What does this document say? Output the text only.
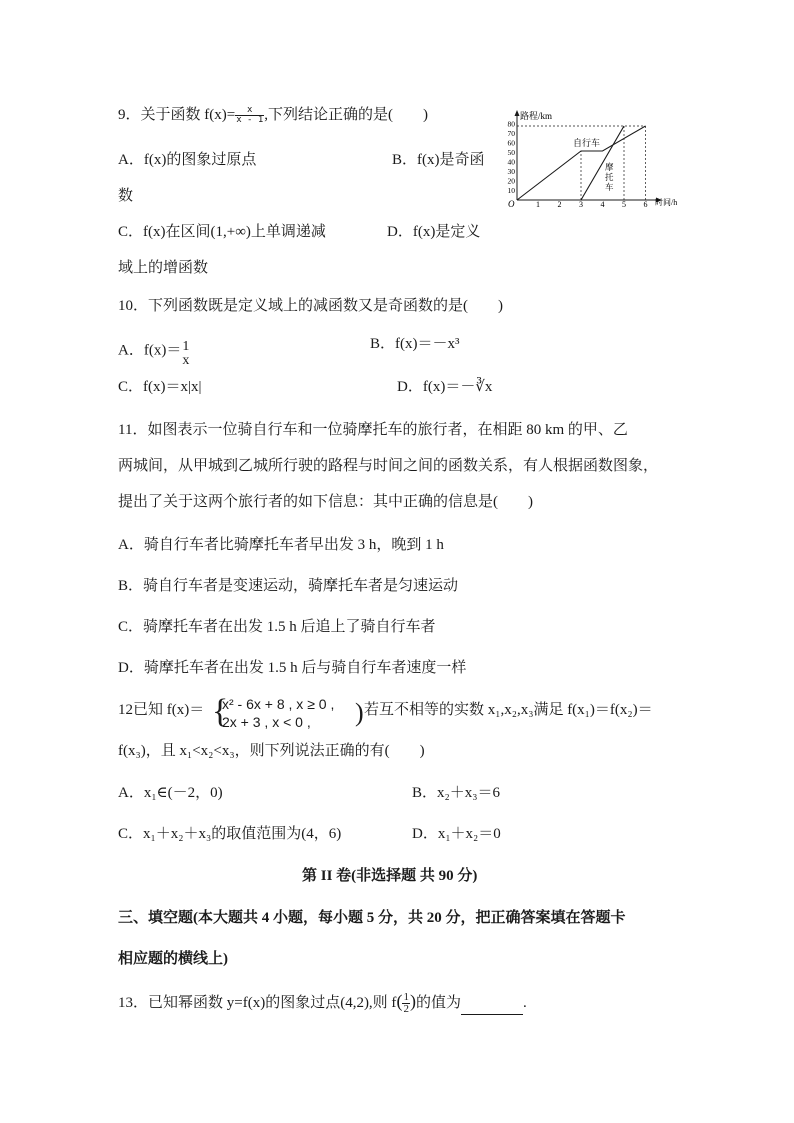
9．关于函数 $f(x)= \frac{x}{x - 1}$ ,下列结论正确的是(　　)
A．f(x)的图象过原点	B．f(x)是奇函
数
C．f(x)在区间(1,+∞)上单调递减	D．f(x)是定义
域上的增函数
路程/km
时间/h
O
10
20
30
40
50
60
70
80
1 2 3 4 5 6
自行车
摩
托
车
10．下列函数既是定义域上的减函数又是奇函数的是(　　)
A．f(x)＝ 1
x
B．f(x)＝－x³
C．f(x)＝x|x|	D．f(x)＝－∛x
11．如图表示一位骑自行车和一位骑摩托车的旅行者，在相距 80 km 的甲、乙
两城间，从甲城到乙城所行驶的路程与时间之间的函数关系，有人根据函数图象，
提出了关于这两个旅行者的如下信息：其中正确的信息是(　　)
A．骑自行车者比骑摩托车者早出发 3 h，晚到 1 h
B．骑自行车者是变速运动，骑摩托车者是匀速运动
C．骑摩托车者在出发 1.5 h 后追上了骑自行车者
D．骑摩托车者在出发 1.5 h 后与骑自行车者速度一样
12已知 f(x)＝ {
x² - 6x + 8 , x ≥ 0 ,
2x + 3 , x < 0 , ) 若互不相等的实数 x₁,x₂,x₃满足 f(x₁)＝f(x₂)＝
f(x₃)，且 x₁<x₂<x₃，则下列说法正确的有(　　)
A．x₁∈(－2，0)	B．x₂＋x₃＝6
C．x₁＋x₂＋x₃的取值范围为(4，6)	D．x₁＋x₂＝0
第 II 卷(非选择题 共 90 分)
三、填空题(本大题共 4 小题，每小题 5 分，共 20 分，把正确答案填在答题卡
相应题的横线上)
13．已知幂函数 y=f(x)的图象过点(4,2),则 $f( \frac{1}{2}$ )的值为	.
